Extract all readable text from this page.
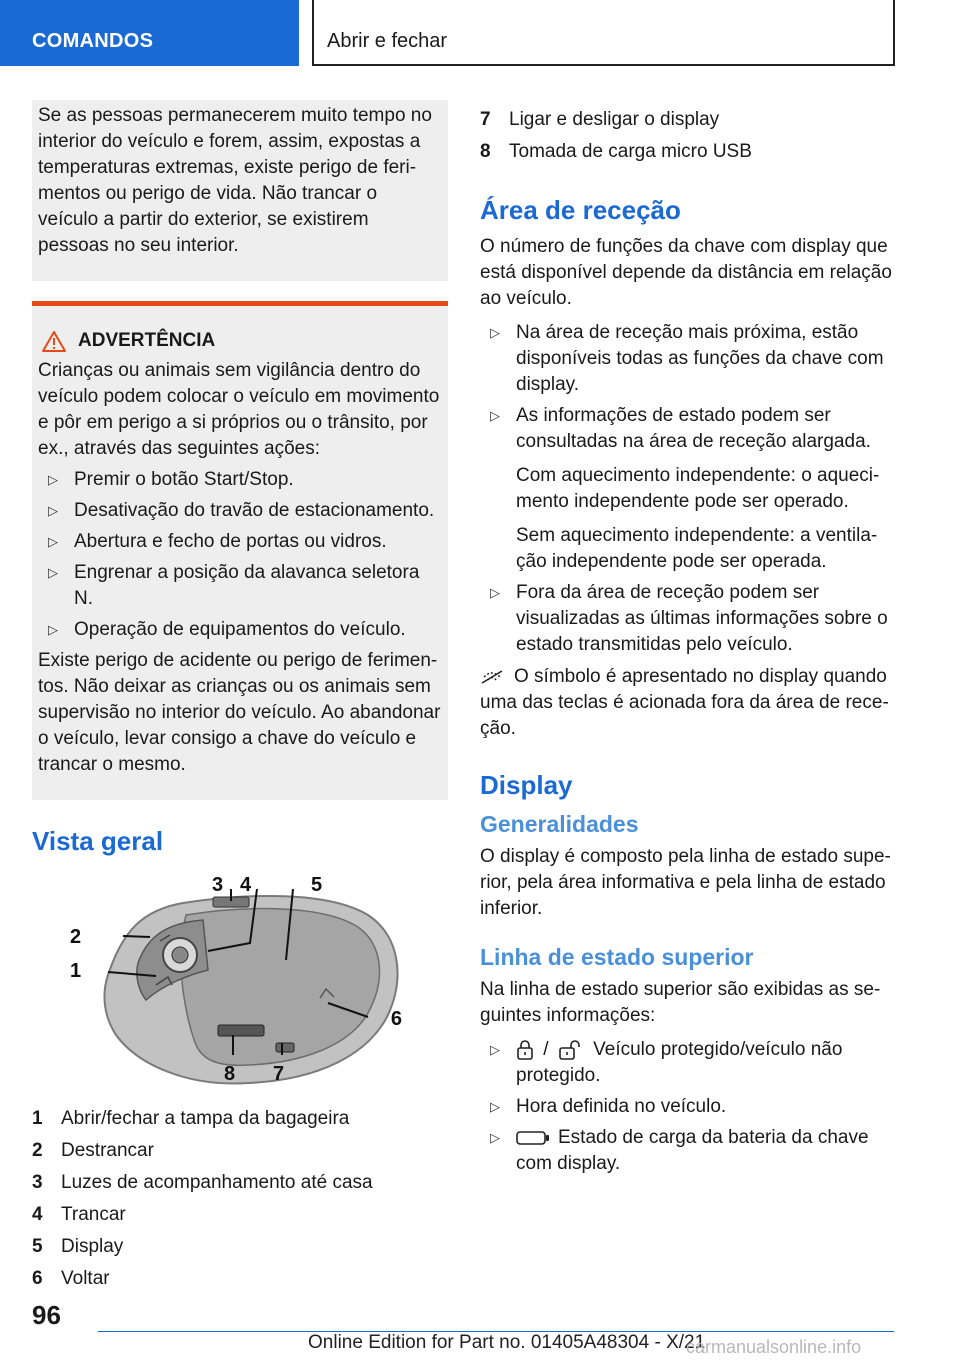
COMANDOS	Abrir e fechar

Se as pessoas permanecerem muito tempo no interior do veículo e forem, assim, expostas a temperaturas extremas, existe perigo de ferimentos ou perigo de vida. Não trancar o veículo a partir do exterior, se existirem pessoas no seu interior.

ADVERTÊNCIA

Crianças ou animais sem vigilância dentro do veículo podem colocar o veículo em movimento e pôr em perigo a si próprios ou o trânsito, por ex., através das seguintes ações:

▷ Premir o botão Start/Stop.
▷ Desativação do travão de estacionamento.
▷ Abertura e fecho de portas ou vidros.
▷ Engrenar a posição da alavanca seletora N.
▷ Operação de equipamentos do veículo.

Existe perigo de acidente ou perigo de ferimentos. Não deixar as crianças ou os animais sem supervisão no interior do veículo. Ao abandonar o veículo, levar consigo a chave do veículo e trancar o mesmo.

Vista geral
1
2
3 4	5
6
7
8
1 Abrir/fechar a tampa da bagageira
2 Destrancar
3 Luzes de acompanhamento até casa
4 Trancar
5 Display
6 Voltar
7 Ligar e desligar o display
8 Tomada de carga micro USB
Área de receção

O número de funções da chave com display que está disponível depende da distância em relação ao veículo.

▷ Na área de receção mais próxima, estão disponíveis todas as funções da chave com display.
▷ As informações de estado podem ser consultadas na área de receção alargada.
Com aquecimento independente: o aquecimento independente pode ser operado.
Sem aquecimento independente: a ventilação independente pode ser operada.
▷ Fora da área de receção podem ser visualizadas as últimas informações sobre o estado transmitidas pelo veículo.

O símbolo é apresentado no display quando uma das teclas é acionada fora da área de receção.

Display
Generalidades

O display é composto pela linha de estado superior, pela área informativa e pela linha de estado inferior.

Linha de estado superior

Na linha de estado superior são exibidas as seguintes informações:

▷ / Veículo protegido/veículo não protegido.
▷ Hora definida no veículo.
▷	Estado de carga da bateria da chave com display.
96
Online Edition for Part no. 01405A48304 - X/21
carmanualsonline.info
